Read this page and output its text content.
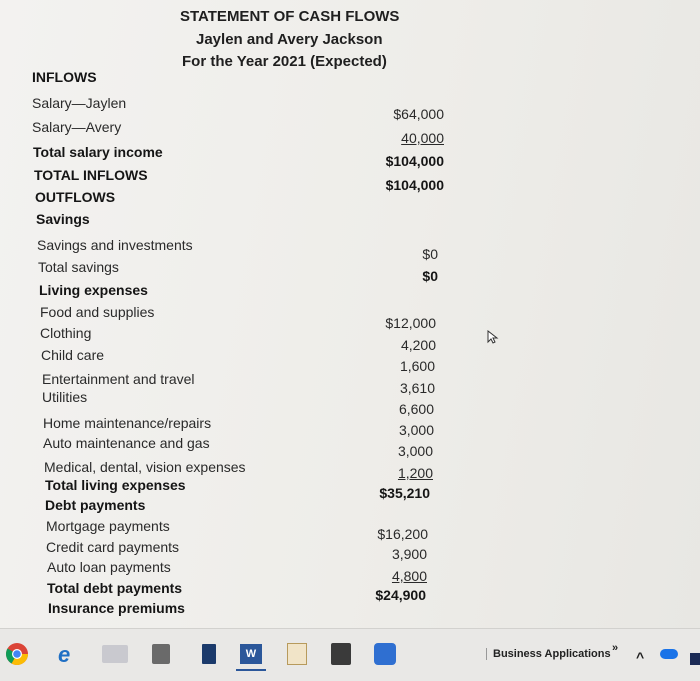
STATEMENT OF CASH FLOWS
Jaylen and Avery Jackson
For the Year 2021 (Expected)
INFLOWS
Salary—Jaylen
Salary—Avery
Total salary income
TOTAL INFLOWS
OUTFLOWS
Savings
Savings and investments
Total savings
Living expenses
Food and supplies
Clothing
Child care
Entertainment and travel
Utilities
Home maintenance/repairs
Auto maintenance and gas
Medical, dental, vision expenses
Total living expenses
Debt payments
Mortgage payments
Credit card payments
Auto loan payments
Total debt payments
Insurance premiums
$64,000
40,000
$104,000
$104,000
$0
$0
$12,000
4,200
1,600
3,610
6,600
3,000
3,000
1,200
$35,210
$16,200
3,900
4,800
$24,900
e	W	Business Applications »
^
